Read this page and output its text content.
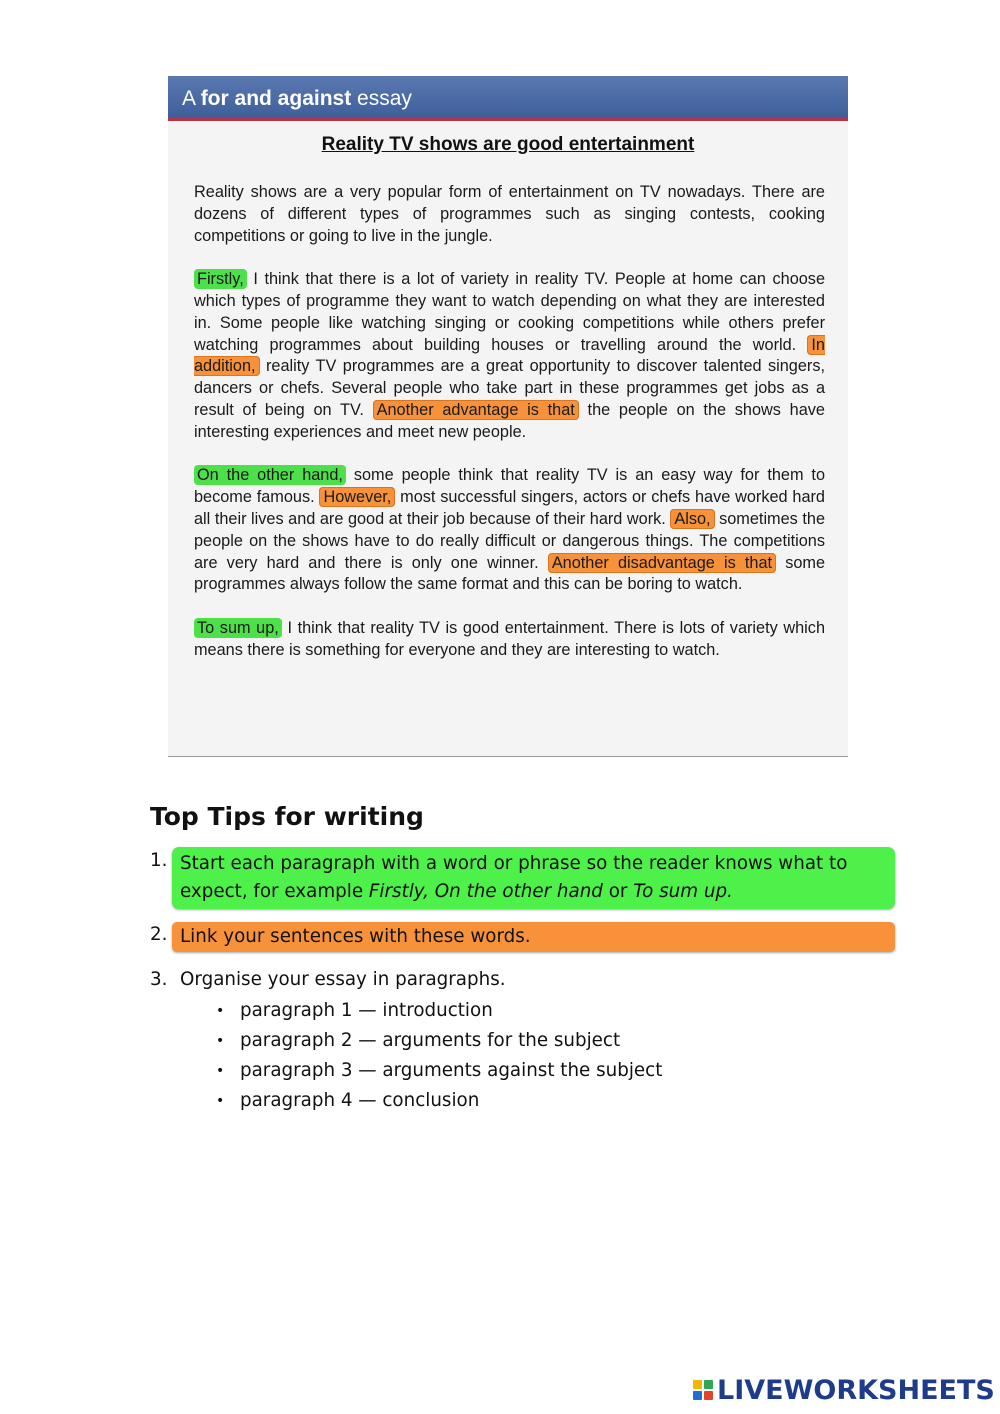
A for and against essay
Reality TV shows are good entertainment

Reality shows are a very popular form of entertainment on TV nowadays. There are dozens of different types of programmes such as singing contests, cooking competitions or going to live in the jungle.

Firstly, I think that there is a lot of variety in reality TV. People at home can choose which types of programme they want to watch depending on what they are interested in. Some people like watching singing or cooking competitions while others prefer watching programmes about building houses or travelling around the world. In addition, reality TV programmes are a great opportunity to discover talented singers, dancers or chefs. Several people who take part in these programmes get jobs as a result of being on TV. Another advantage is that the people on the shows have interesting experiences and meet new people.

On the other hand, some people think that reality TV is an easy way for them to become famous. However, most successful singers, actors or chefs have worked hard all their lives and are good at their job because of their hard work. Also, sometimes the people on the shows have to do really difficult or dangerous things. The competitions are very hard and there is only one winner. Another disadvantage is that some programmes always follow the same format and this can be boring to watch.

To sum up, I think that reality TV is good entertainment. There is lots of variety which means there is something for everyone and they are interesting to watch.

Top Tips for writing
1. Start each paragraph with a word or phrase so the reader knows what to expect, for example Firstly, On the other hand or To sum up.
2. Link your sentences with these words.
3. Organise your essay in paragraphs.
• paragraph 1 — introduction
• paragraph 2 — arguments for the subject
• paragraph 3 — arguments against the subject
• paragraph 4 — conclusion
LIVEWORKSHEETS
